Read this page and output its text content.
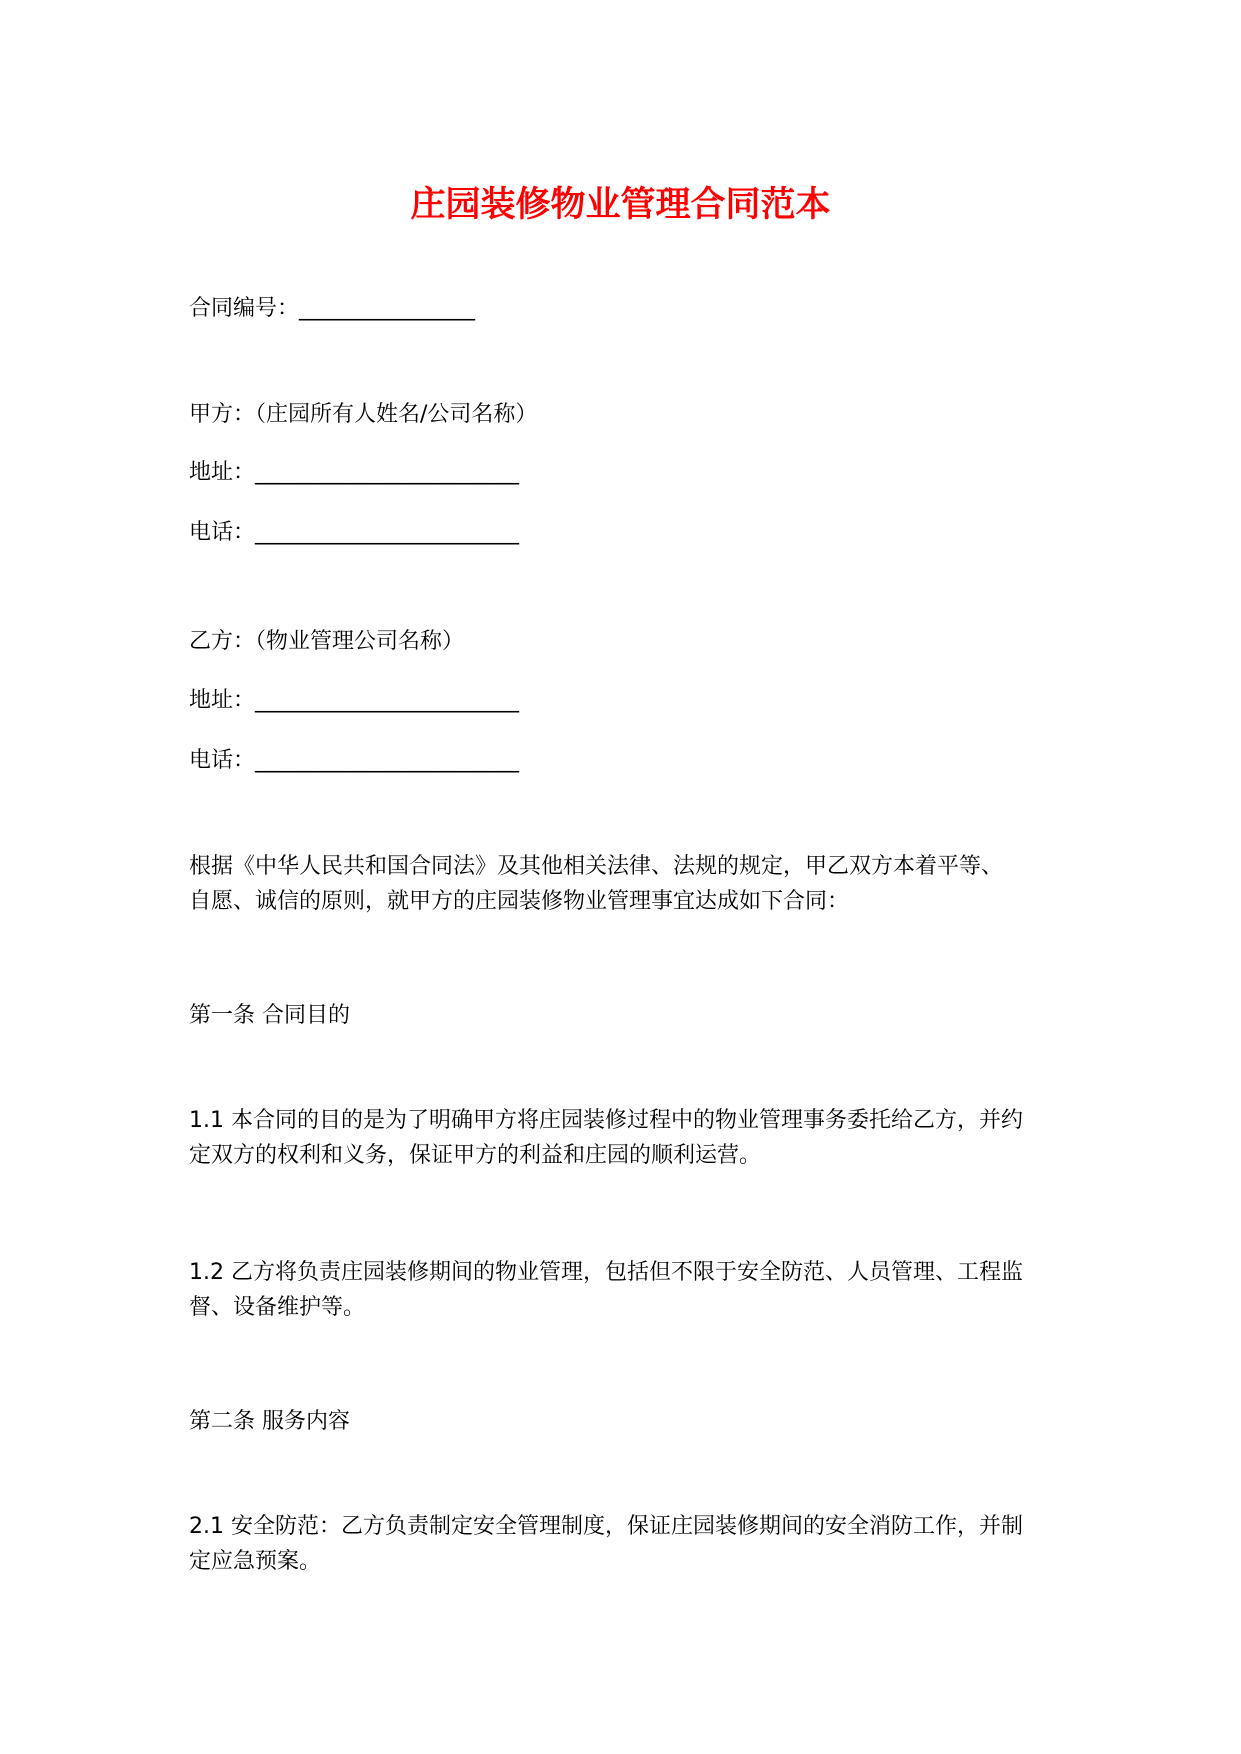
庄园装修物业管理合同范本

合同编号：________________

甲方：（庄园所有人姓名/公司名称）

地址：________________________

电话：________________________

乙方：（物业管理公司名称）

地址：________________________

电话：________________________

根据《中华人民共和国合同法》及其他相关法律、法规的规定，甲乙双方本着平等、
自愿、诚信的原则，就甲方的庄园装修物业管理事宜达成如下合同：

第一条 合同目的

1.1 本合同的目的是为了明确甲方将庄园装修过程中的物业管理事务委托给乙方，并约
定双方的权利和义务，保证甲方的利益和庄园的顺利运营。

1.2 乙方将负责庄园装修期间的物业管理，包括但不限于安全防范、人员管理、工程监
督、设备维护等。

第二条 服务内容

2.1 安全防范：乙方负责制定安全管理制度，保证庄园装修期间的安全消防工作，并制
定应急预案。
